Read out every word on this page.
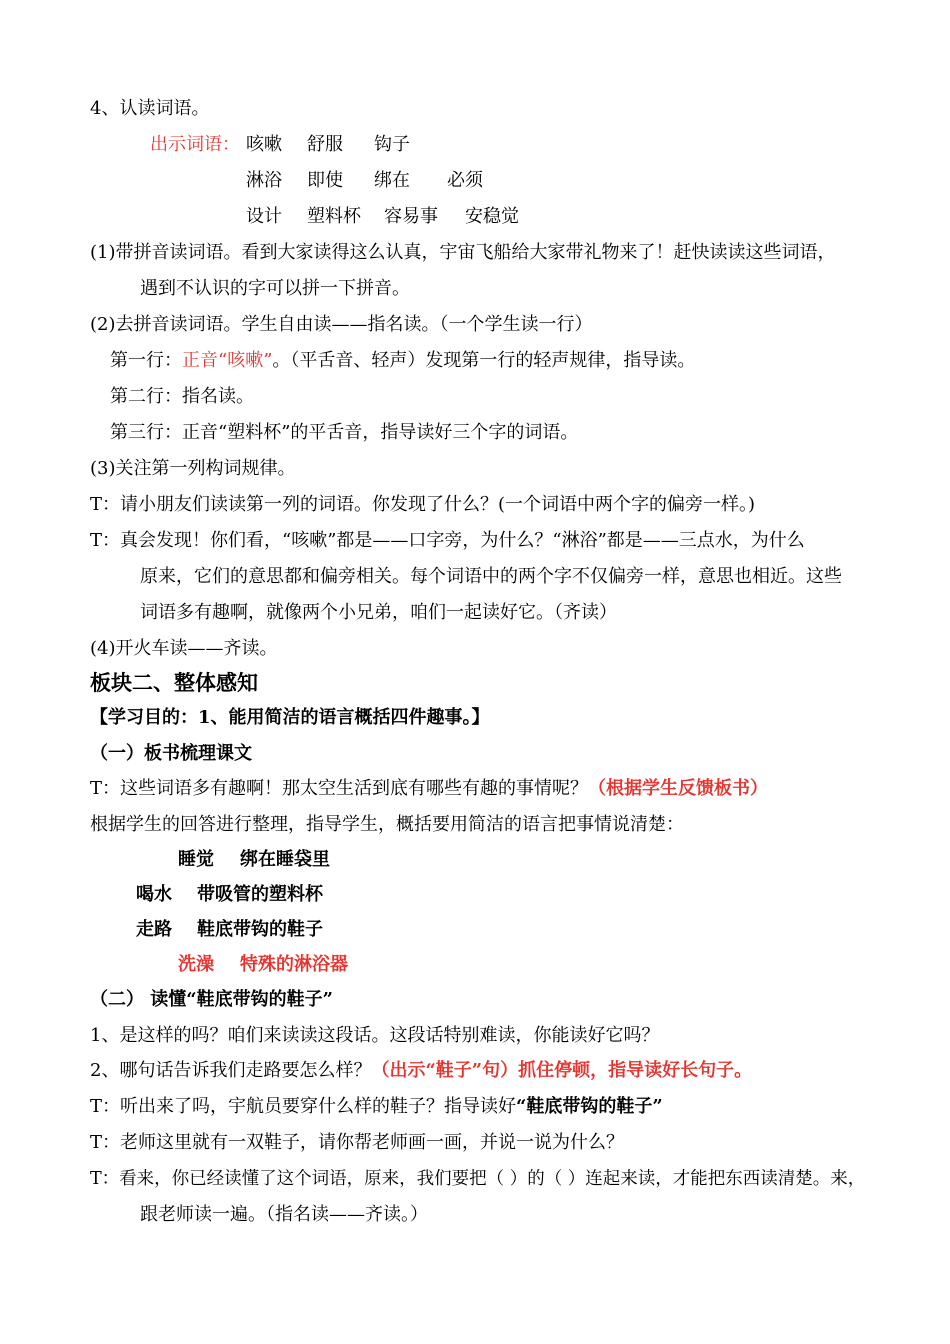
4、认读词语。
出示词语： 咳嗽 舒服 钩子
淋浴 即使 绑在 必须
设计 塑料杯 容易事 安稳觉
(1)带拼音读词语。看到大家读得这么认真，宇宙飞船给大家带礼物来了！赶快读读这些词语，
遇到不认识的字可以拼一下拼音。
(2)去拼音读词语。学生自由读——指名读。（一个学生读一行）
第一行：正音“咳嗽”。（平舌音、轻声）发现第一行的轻声规律，指导读。
第二行：指名读。
第三行：正音“塑料杯”的平舌音，指导读好三个字的词语。
(3)关注第一列构词规律。
T：请小朋友们读读第一列的词语。你发现了什么？(一个词语中两个字的偏旁一样。)
T：真会发现！你们看，“咳嗽”都是——口字旁，为什么？“淋浴”都是——三点水，为什么
原来，它们的意思都和偏旁相关。每个词语中的两个字不仅偏旁一样，意思也相近。这些
词语多有趣啊，就像两个小兄弟，咱们一起读好它。（齐读）
(4)开火车读——齐读。
板块二、整体感知
【学习目的：1、能用简洁的语言概括四件趣事。】
（一）板书梳理课文
T：这些词语多有趣啊！那太空生活到底有哪些有趣的事情呢？（根据学生反馈板书）
根据学生的回答进行整理，指导学生，概括要用简洁的语言把事情说清楚：
睡觉 绑在睡袋里
喝水 带吸管的塑料杯
走路 鞋底带钩的鞋子
洗澡 特殊的淋浴器
（二） 读懂“鞋底带钩的鞋子”
1、是这样的吗？咱们来读读这段话。这段话特别难读，你能读好它吗？
2、哪句话告诉我们走路要怎么样？（出示“鞋子”句）抓住停顿，指导读好长句子。
T：听出来了吗，宇航员要穿什么样的鞋子？指导读好“鞋底带钩的鞋子”
T：老师这里就有一双鞋子，请你帮老师画一画，并说一说为什么？
T：看来，你已经读懂了这个词语，原来，我们要把（ ）的（ ）连起来读，才能把东西读清楚。来，
跟老师读一遍。（指名读——齐读。）
